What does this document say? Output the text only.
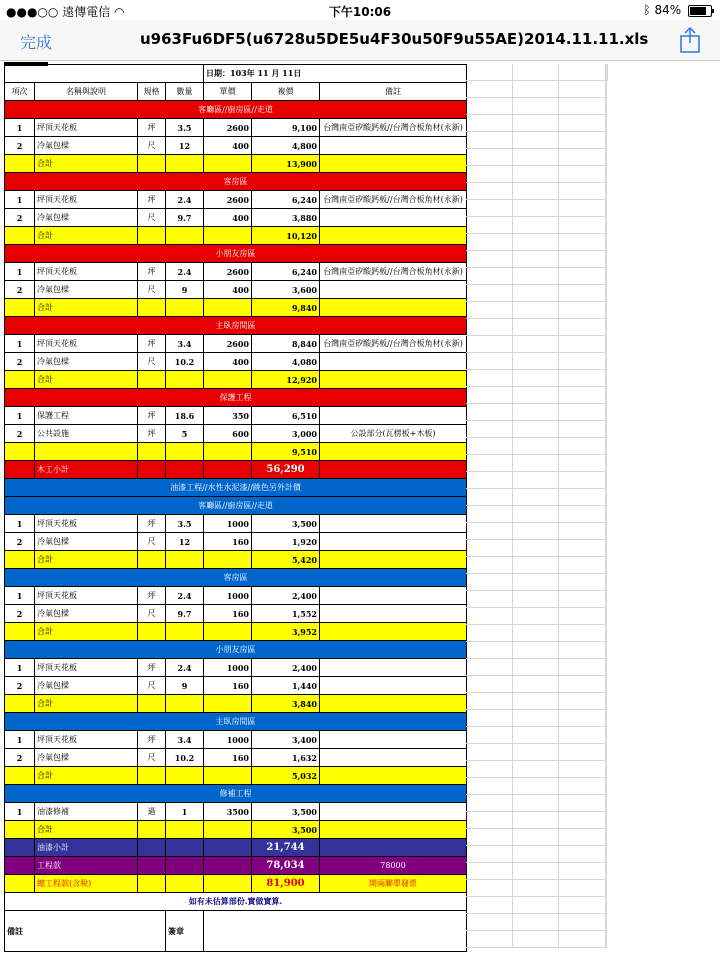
●●●○○ 遠傳電信 ◠	下午10:06	ᛒ 84%
完成	u963Fu6DF5(u6728u5DE5u4F30u50F9u55AE)2014.11.11.xls
				日期：103年 11 月 11日		
項次	名稱與說明	規格	數量	單價	複價	備註
客廳區//廚房區//走道						
1	坪頂天花板	坪	3.5	2600	9,100	台灣南亞矽酸鈣板//台灣合板角材(永新)
2	冷氣包樑	尺	12	400	4,800	
	合計				13,900	
客房區						
1	坪頂天花板	坪	2.4	2600	6,240	台灣南亞矽酸鈣板//台灣合板角材(永新)
2	冷氣包樑	尺	9.7	400	3,880	
	合計				10,120	
小朋友房區						
1	坪頂天花板	坪	2.4	2600	6,240	台灣南亞矽酸鈣板//台灣合板角材(永新)
2	冷氣包樑	尺	9	400	3,600	
	合計				9,840	
主臥房間區						
1	坪頂天花板	坪	3.4	2600	8,840	台灣南亞矽酸鈣板//台灣合板角材(永新)
2	冷氣包樑	尺	10.2	400	4,080	
	合計				12,920	
保護工程						
1	保護工程	坪	18.6	350	6,510	
2	公共設施	坪	5	600	3,000	公設部分(瓦楞板+木板)
					9,510	
	木工小計				56,290	
油漆工程//水性水泥漆//跳色另外計價						
客廳區//廚房區//走道						
1	坪頂天花板	坪	3.5	1000	3,500	
2	冷氣包樑	尺	12	160	1,920	
	合計				5,420	
客房區						
1	坪頂天花板	坪	2.4	1000	2,400	
2	冷氣包樑	尺	9.7	160	1,552	
	合計				3,952	
小朋友房區						
1	坪頂天花板	坪	2.4	1000	2,400	
2	冷氣包樑	尺	9	160	1,440	
	合計				3,840	
主臥房間區						
1	坪頂天花板	坪	3.4	1000	3,400	
2	冷氣包樑	尺	10.2	160	1,632	
	合計				5,032	
修補工程						
1	油漆修補	過	1	3500	3,500	
	合計				3,500	
	油漆小計				21,744	
	工程款				78,034	78000
	總工程款(含稅)				81,900	開兩聯單發票
如有未估算部份.實做實算.						
備註			簽章			
